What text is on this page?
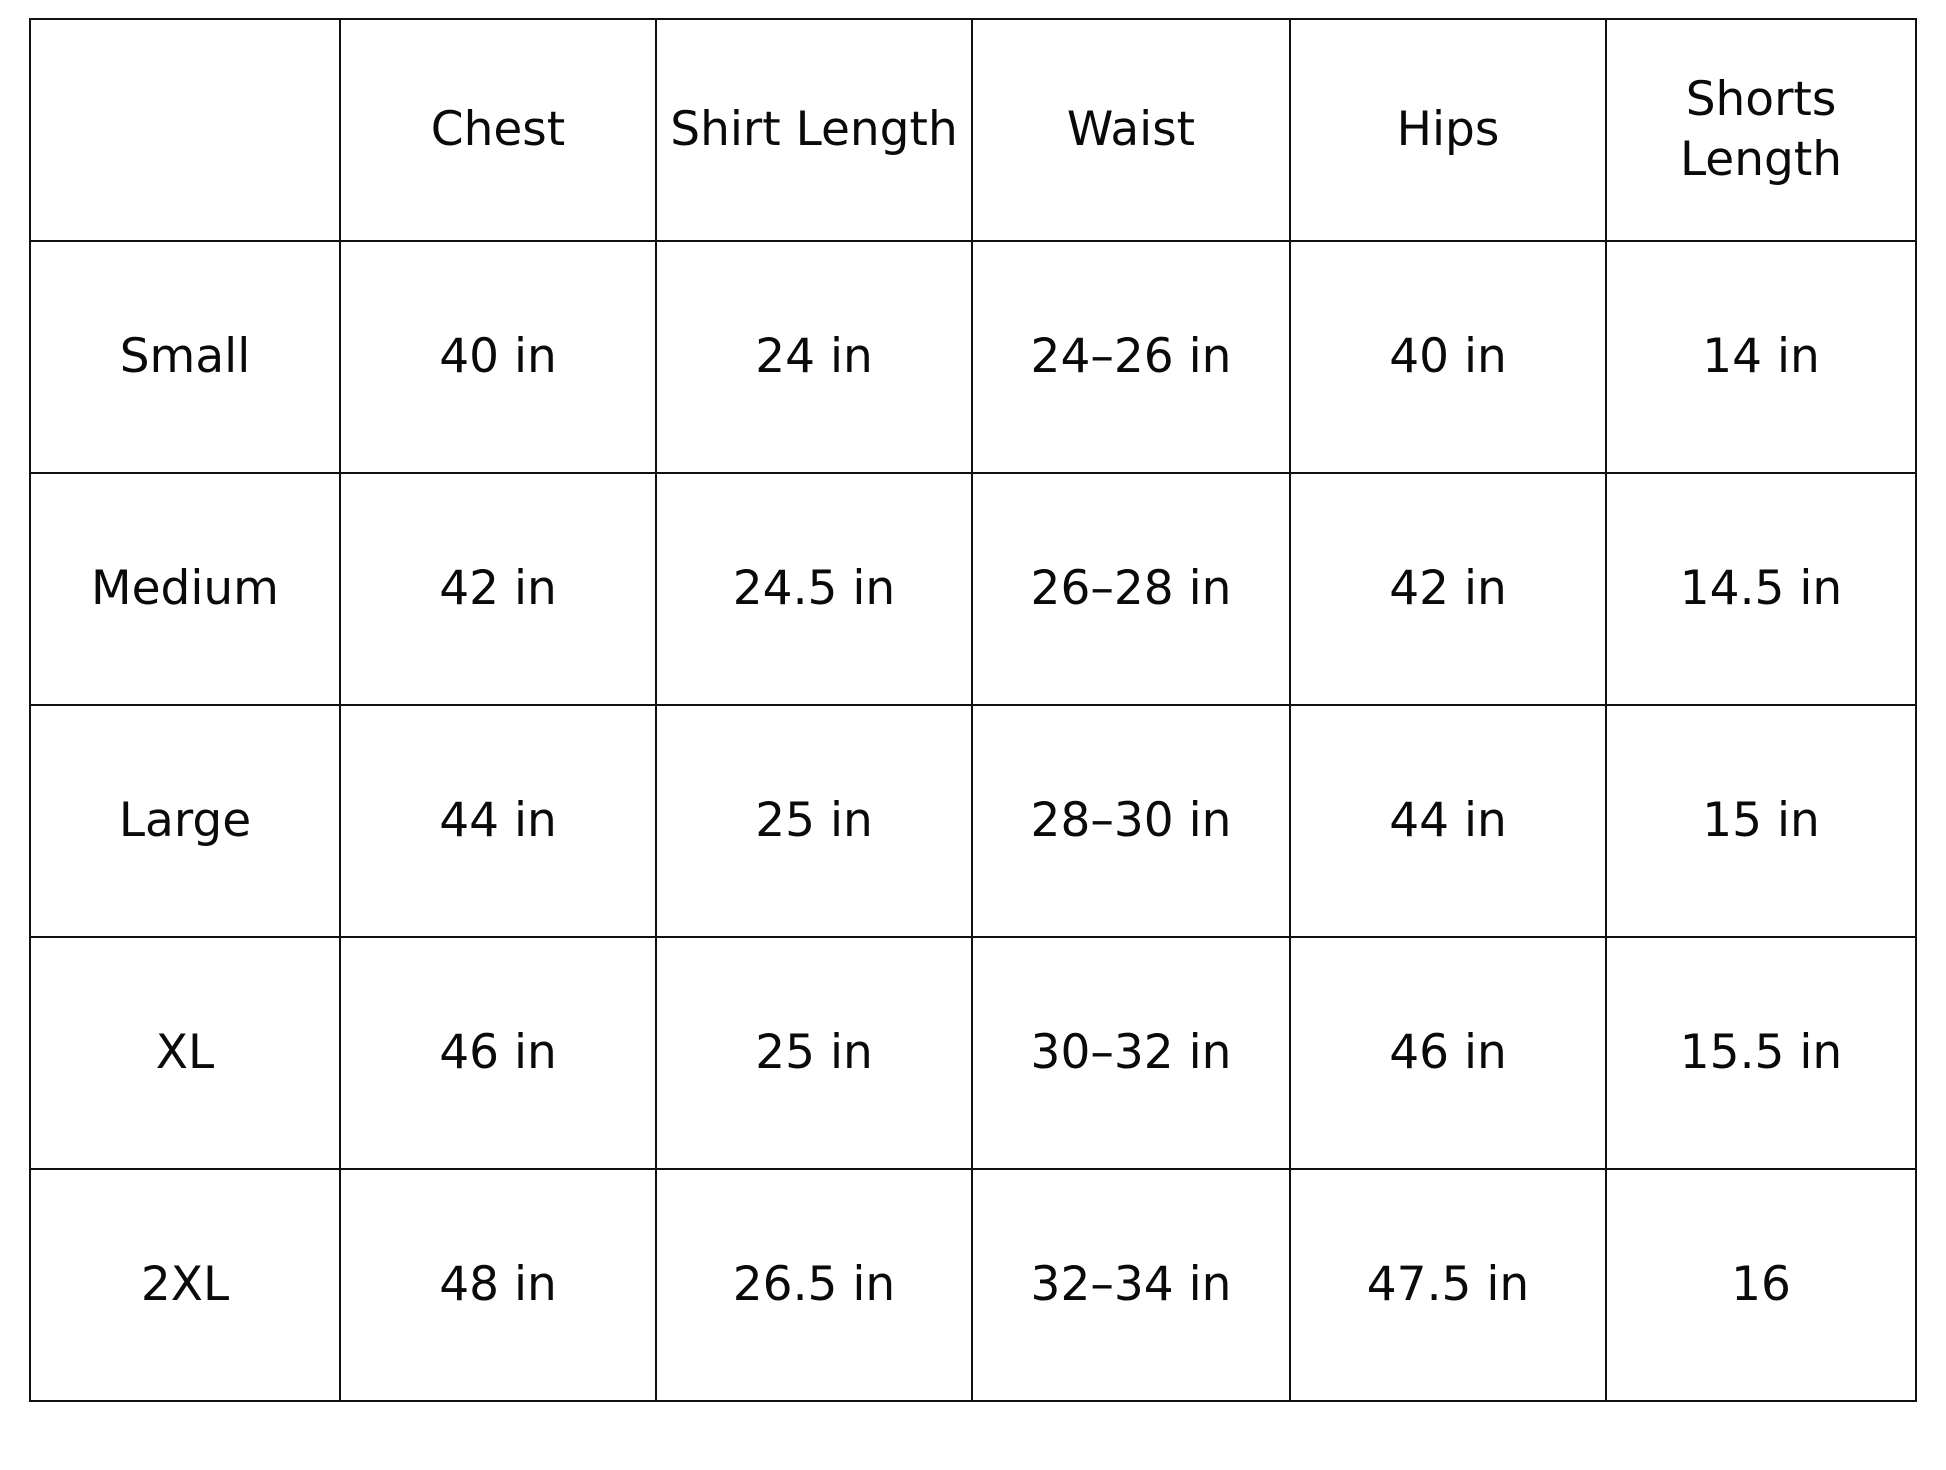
	Chest	Shirt Length	Waist	Hips	Shorts Length
Small	40 in	24 in	24–26 in	40 in	14 in
Medium	42 in	24.5 in	26–28 in	42 in	14.5 in
Large	44 in	25 in	28–30 in	44 in	15 in
XL	46 in	25 in	30–32 in	46 in	15.5 in
2XL	48 in	26.5 in	32–34 in	47.5 in	16
